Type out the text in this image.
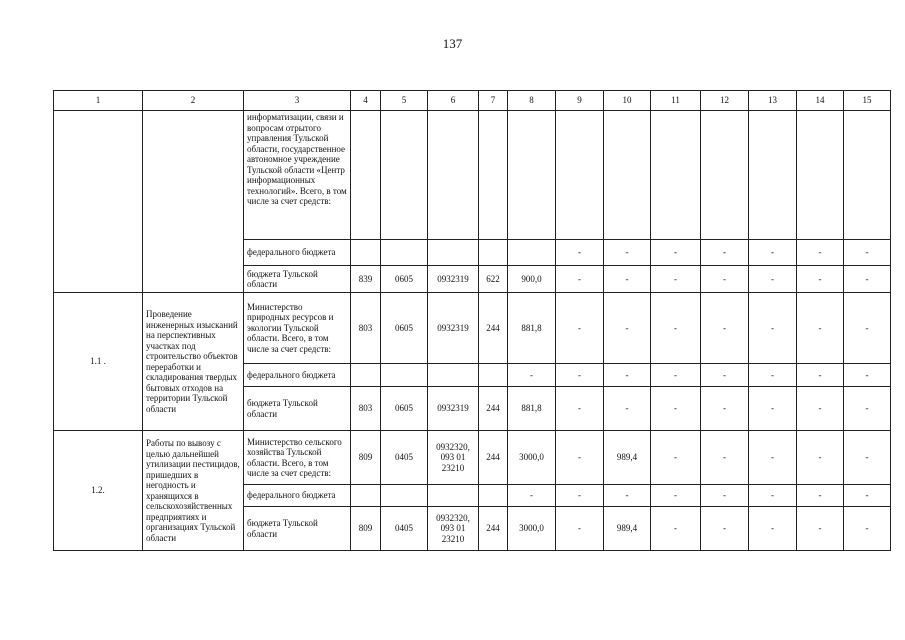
137
1	2	3	4	5	6	7	8	9	10	11	12	13	14	15
		информатизации, связи и вопросам отрытого управления Тульской области, государственное автономное учреждение Тульской области «Центр информационных технологий». Всего, в том числе за счет средств:												
		федерального бюджета						-	-	-	-	-	-	-
		бюджета Тульской области	839	0605	0932319	622	900,0	-	-	-	-	-	-	-
1.1 .	Проведение инженерных изысканий на перспективных участках под строительство объектов переработки и складирования твердых бытовых отходов на территории Тульской области	Министерство природных ресурсов и экологии Тульской области. Всего, в том числе за счет средств:	803	0605	0932319	244	881,8	-	-	-	-	-	-	-
		федерального бюджета					-	-	-	-	-	-	-	-
		бюджета Тульской области	803	0605	0932319	244	881,8	-	-	-	-	-	-	-
1.2.	Работы по вывозу с целью дальнейшей утилизации пестицидов, пришедших в негодность и хранящихся в сельскохозяйственных предприятиях и организациях Тульской области	Министерство сельского хозяйства Тульской области. Всего, в том числе за счет средств:	809	0405	0932320, 093 01 23210	244	3000,0	-	989,4	-	-	-	-	-
		федерального бюджета					-	-	-	-	-	-	-	-
		бюджета Тульской области	809	0405	0932320, 093 01 23210	244	3000,0	-	989,4	-	-	-	-	-
